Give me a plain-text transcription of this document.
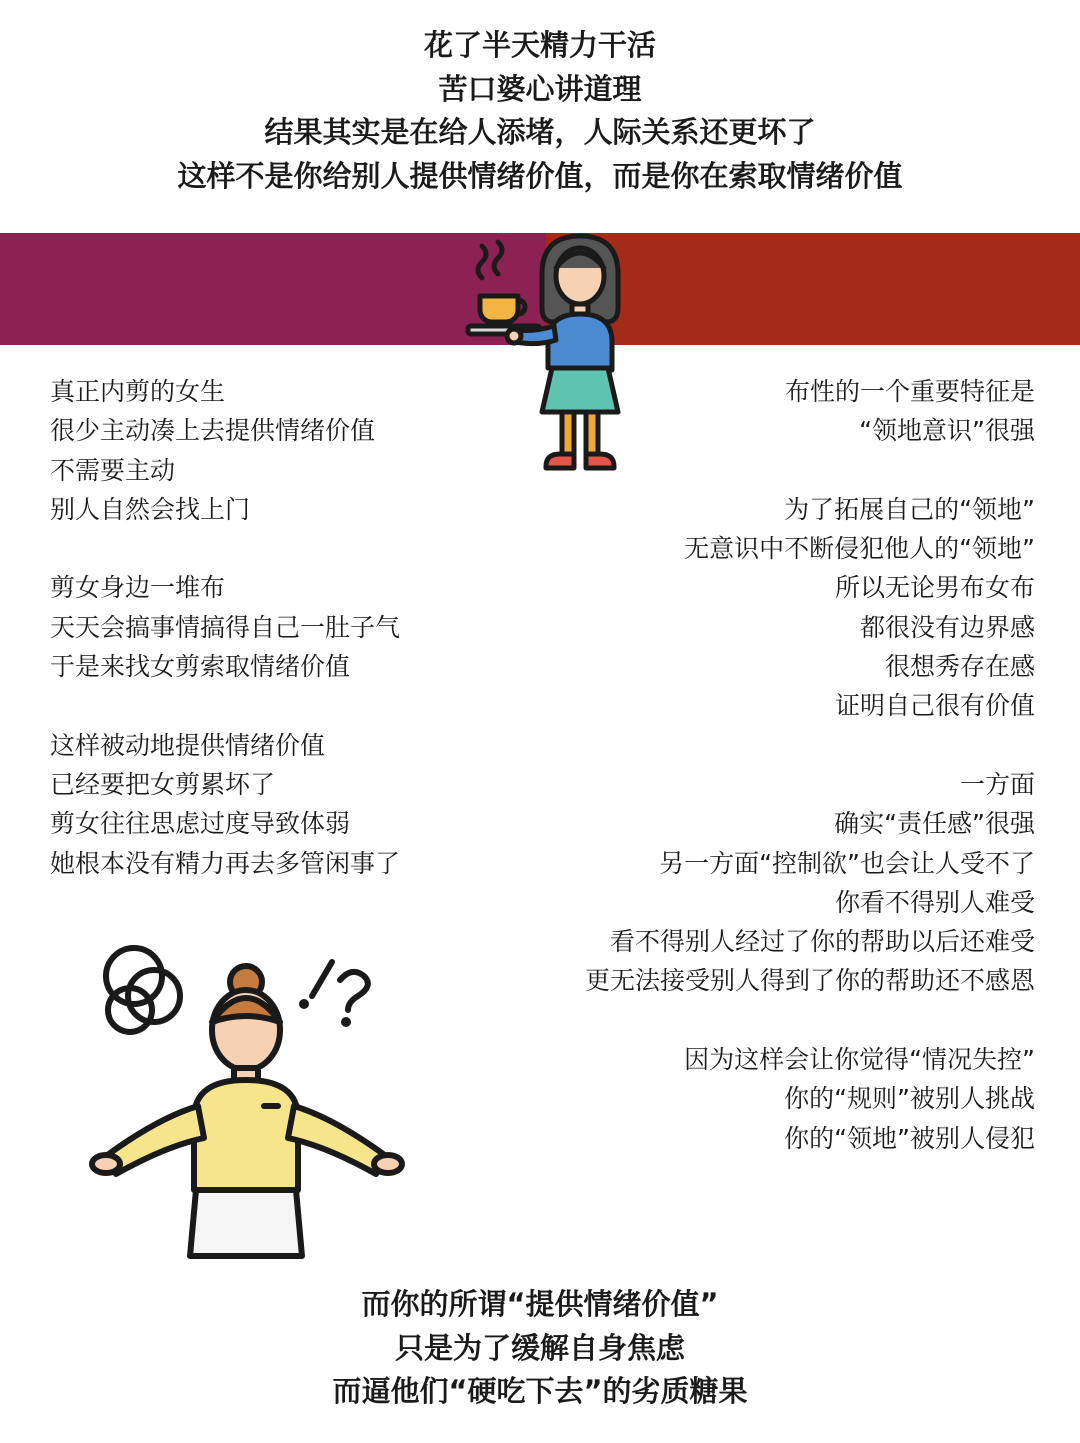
花了半天精力干活
苦口婆心讲道理
结果其实是在给人添堵，人际关系还更坏了
这样不是你给别人提供情绪价值，而是你在索取情绪价值
女剪子	女布
真正内剪的女生
很少主动凑上去提供情绪价值
不需要主动
别人自然会找上门
剪女身边一堆布
天天会搞事情搞得自己一肚子气
于是来找女剪索取情绪价值
这样被动地提供情绪价值
已经要把女剪累坏了
剪女往往思虑过度导致体弱
她根本没有精力再去多管闲事了
布性的一个重要特征是
“领地意识”很强
为了拓展自己的“领地”
无意识中不断侵犯他人的“领地”
所以无论男布女布
都很没有边界感
很想秀存在感
证明自己很有价值
一方面
确实“责任感”很强
另一方面“控制欲”也会让人受不了
你看不得别人难受
看不得别人经过了你的帮助以后还难受
更无法接受别人得到了你的帮助还不感恩
因为这样会让你觉得“情况失控”
你的“规则”被别人挑战
你的“领地”被别人侵犯
而你的所谓“提供情绪价值”
只是为了缓解自身焦虑
而逼他们“硬吃下去”的劣质糖果
